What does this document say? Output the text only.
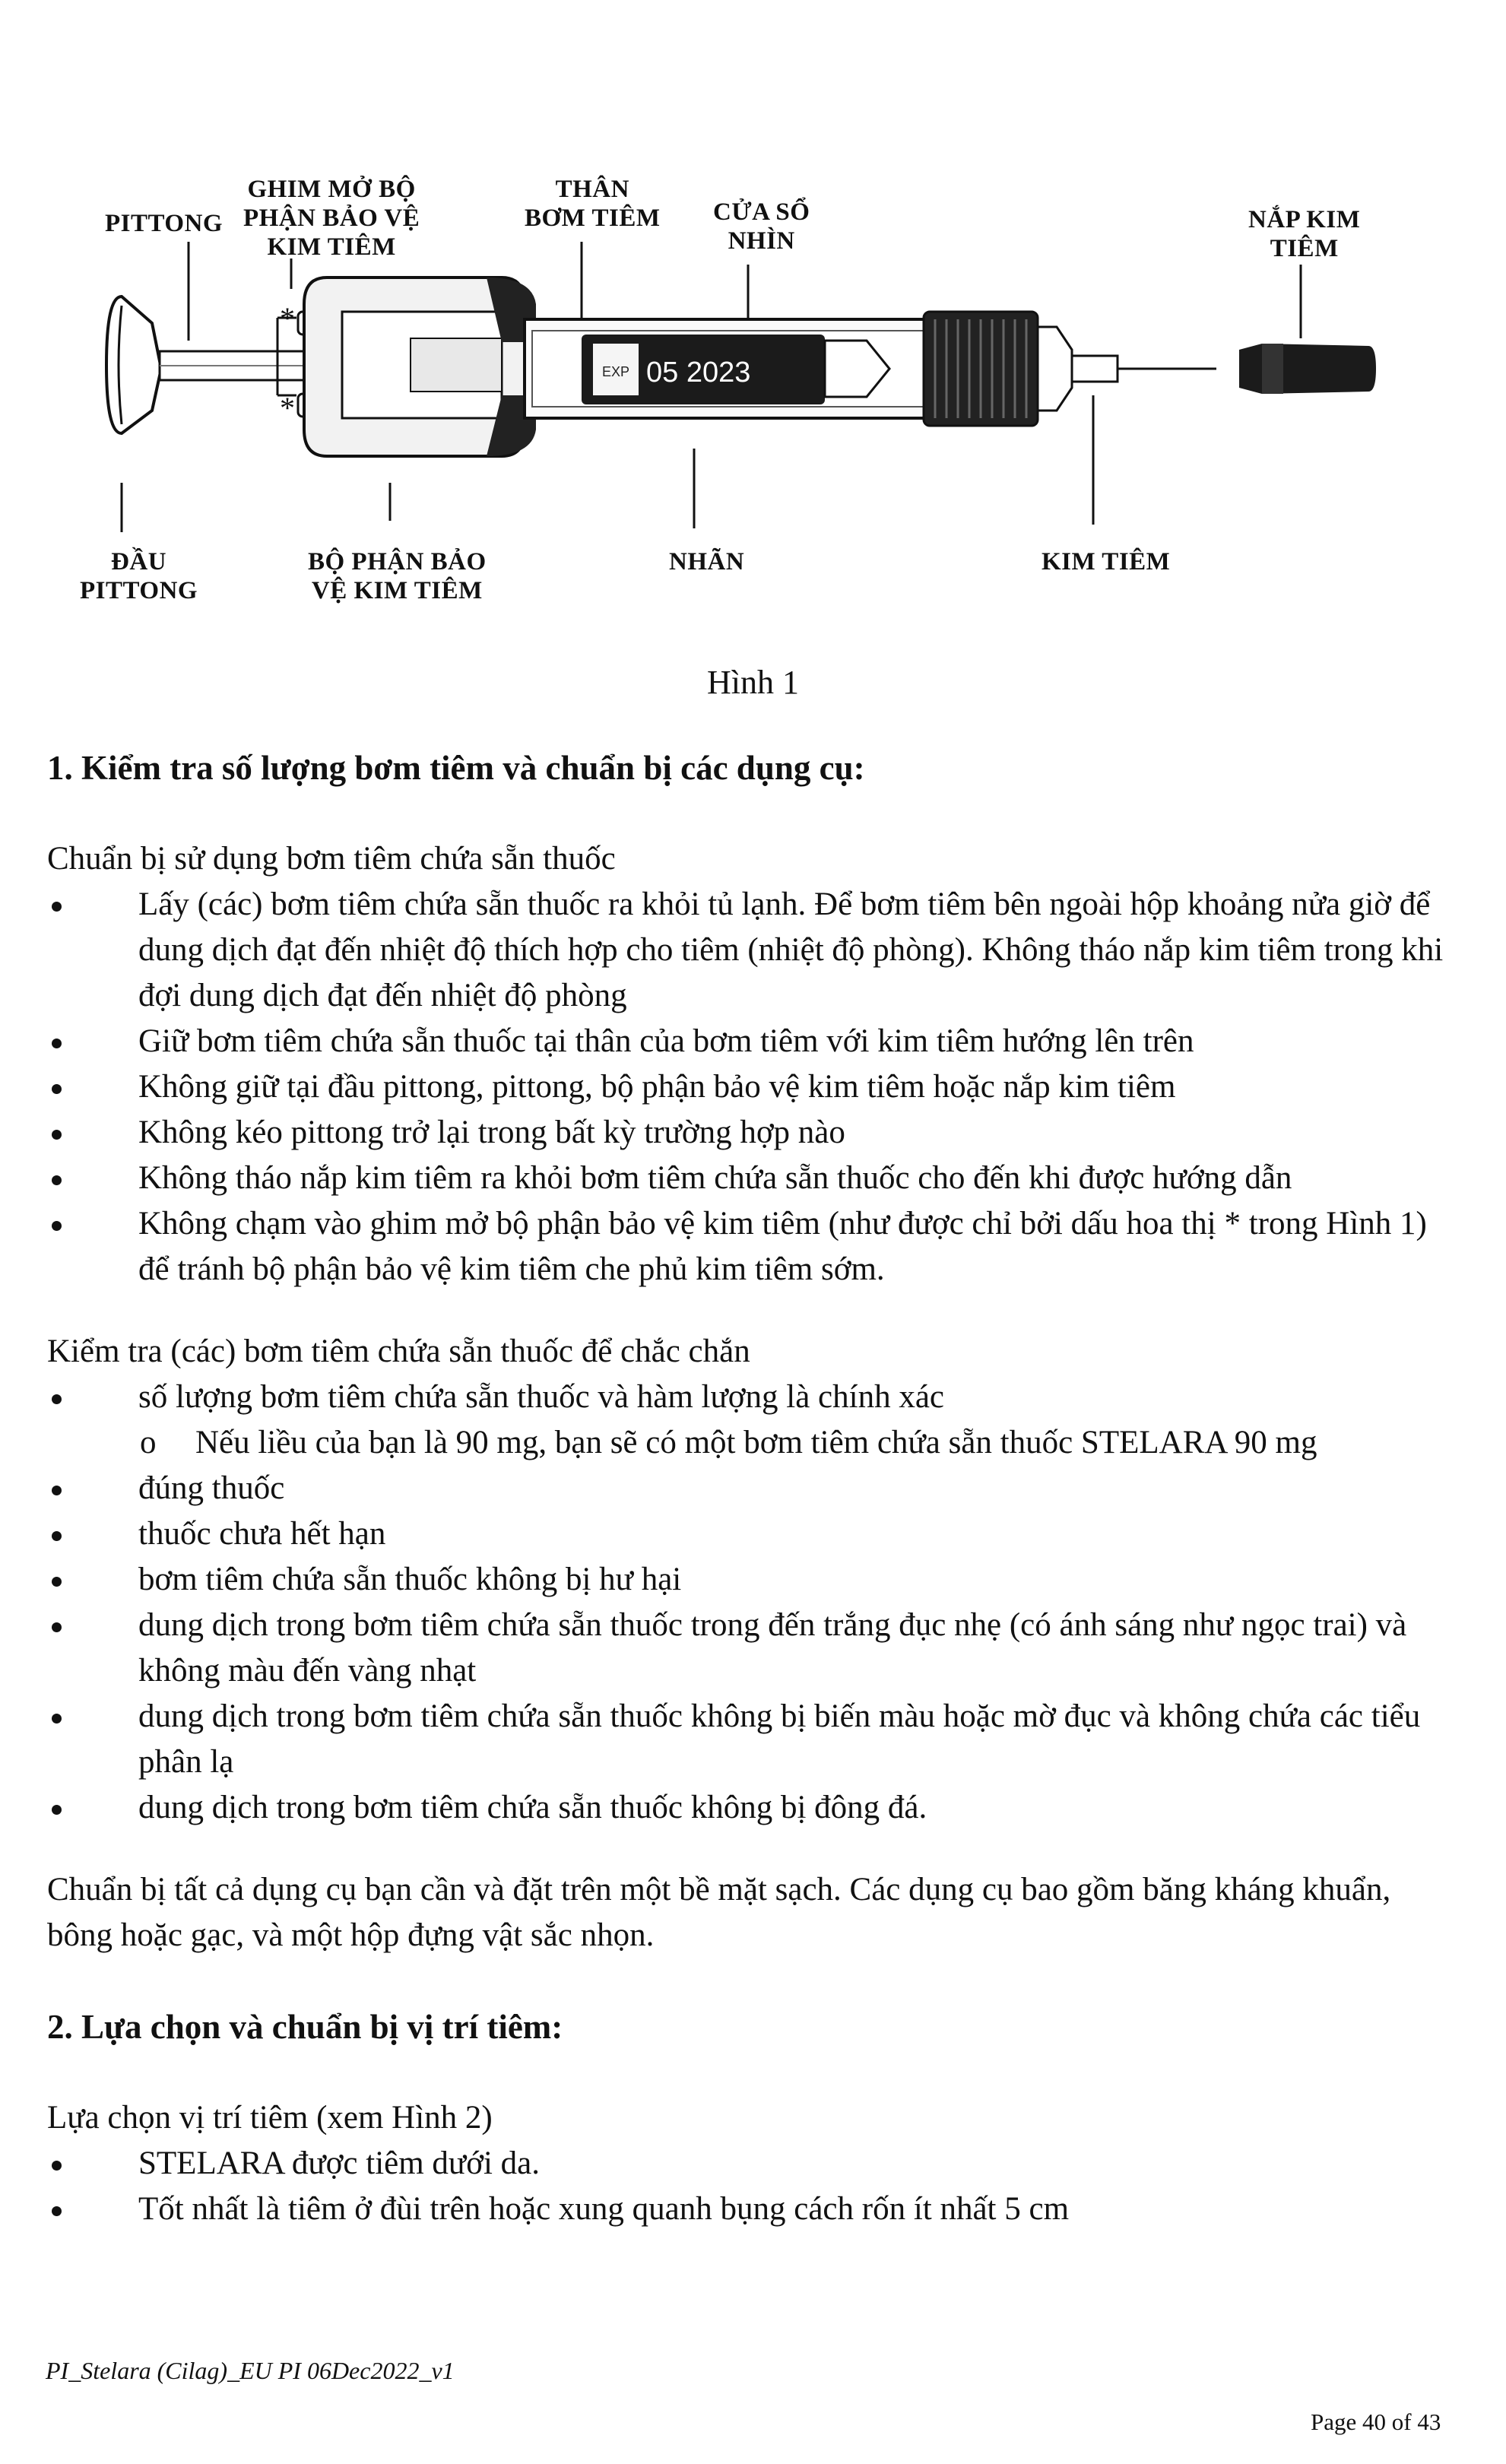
EXP 05 2023
PITTONG
GHIM MỞ BỘ
PHẬN BẢO VỆ
KIM TIÊM
THÂN
BƠM TIÊM CỬA SỔ
NHÌN
NẮP KIM
TIÊM
ĐẦU
PITTONG
BỘ PHẬN BẢO
VỆ KIM TIÊM
NHÃN	KIM TIÊM
*
*
Hình 1

1. Kiểm tra số lượng bơm tiêm và chuẩn bị các dụng cụ:

Chuẩn bị sử dụng bơm tiêm chứa sẵn thuốc

Lấy (các) bơm tiêm chứa sẵn thuốc ra khỏi tủ lạnh. Để bơm tiêm bên ngoài hộp khoảng nửa giờ để dung dịch đạt đến nhiệt độ thích hợp cho tiêm (nhiệt độ phòng). Không tháo nắp kim tiêm trong khi đợi dung dịch đạt đến nhiệt độ phòng
Giữ bơm tiêm chứa sẵn thuốc tại thân của bơm tiêm với kim tiêm hướng lên trên
Không giữ tại đầu pittong, pittong, bộ phận bảo vệ kim tiêm hoặc nắp kim tiêm
Không kéo pittong trở lại trong bất kỳ trường hợp nào
Không tháo nắp kim tiêm ra khỏi bơm tiêm chứa sẵn thuốc cho đến khi được hướng dẫn
Không chạm vào ghim mở bộ phận bảo vệ kim tiêm (như được chỉ bởi dấu hoa thị * trong Hình 1) để tránh bộ phận bảo vệ kim tiêm che phủ kim tiêm sớm.

Kiểm tra (các) bơm tiêm chứa sẵn thuốc để chắc chắn

số lượng bơm tiêm chứa sẵn thuốc và hàm lượng là chính xác
o Nếu liều của bạn là 90 mg, bạn sẽ có một bơm tiêm chứa sẵn thuốc STELARA 90 mg
đúng thuốc
thuốc chưa hết hạn
bơm tiêm chứa sẵn thuốc không bị hư hại
dung dịch trong bơm tiêm chứa sẵn thuốc trong đến trắng đục nhẹ (có ánh sáng như ngọc trai) và không màu đến vàng nhạt
dung dịch trong bơm tiêm chứa sẵn thuốc không bị biến màu hoặc mờ đục và không chứa các tiểu phân lạ
dung dịch trong bơm tiêm chứa sẵn thuốc không bị đông đá.

Chuẩn bị tất cả dụng cụ bạn cần và đặt trên một bề mặt sạch. Các dụng cụ bao gồm băng kháng khuẩn, bông hoặc gạc, và một hộp đựng vật sắc nhọn.

2. Lựa chọn và chuẩn bị vị trí tiêm:

Lựa chọn vị trí tiêm (xem Hình 2)

STELARA được tiêm dưới da.
Tốt nhất là tiêm ở đùi trên hoặc xung quanh bụng cách rốn ít nhất 5 cm
PI_Stelara (Cilag)_EU PI 06Dec2022_v1
Page 40 of 43
